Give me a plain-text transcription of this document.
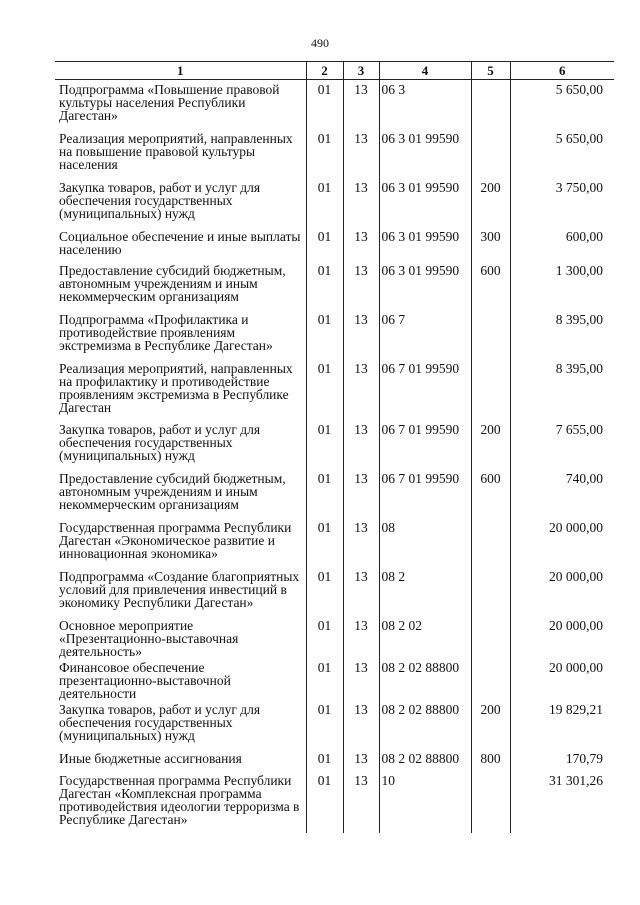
490
1	2	3	4	5	6
Подпрограмма «Повышение правовой культуры населения Республики Дагестан»	01	13	06 3		5 650,00
Реализация мероприятий, направленных на повышение правовой культуры населения	01	13	06 3 01 99590		5 650,00
Закупка товаров, работ и услуг для обеспечения государственных (муниципальных) нужд	01	13	06 3 01 99590	200	3 750,00
Социальное обеспечение и иные выплаты населению	01	13	06 3 01 99590	300	600,00
Предоставление субсидий бюджетным, автономным учреждениям и иным некоммерческим организациям	01	13	06 3 01 99590	600	1 300,00
Подпрограмма «Профилактика и противодействие проявлениям экстремизма в Республике Дагестан»	01	13	06 7		8 395,00
Реализация мероприятий, направленных на профилактику и противодействие проявлениям экстремизма в Республике Дагестан	01	13	06 7 01 99590		8 395,00
Закупка товаров, работ и услуг для обеспечения государственных (муниципальных) нужд	01	13	06 7 01 99590	200	7 655,00
Предоставление субсидий бюджетным, автономным учреждениям и иным некоммерческим организациям	01	13	06 7 01 99590	600	740,00
Государственная программа Республики Дагестан «Экономическое развитие и инновационная экономика»	01	13	08		20 000,00
Подпрограмма «Создание благоприятных условий для привлечения инвестиций в экономику Республики Дагестан»	01	13	08 2		20 000,00
Основное мероприятие «Презентационно-выставочная деятельность»	01	13	08 2 02		20 000,00
Финансовое обеспечение презентационно-выставочной деятельности	01	13	08 2 02 88800		20 000,00
Закупка товаров, работ и услуг для обеспечения государственных (муниципальных) нужд	01	13	08 2 02 88800	200	19 829,21
Иные бюджетные ассигнования	01	13	08 2 02 88800	800	170,79
Государственная программа Республики Дагестан «Комплексная программа противодействия идеологии терроризма в Республике Дагестан»	01	13	10		31 301,26
